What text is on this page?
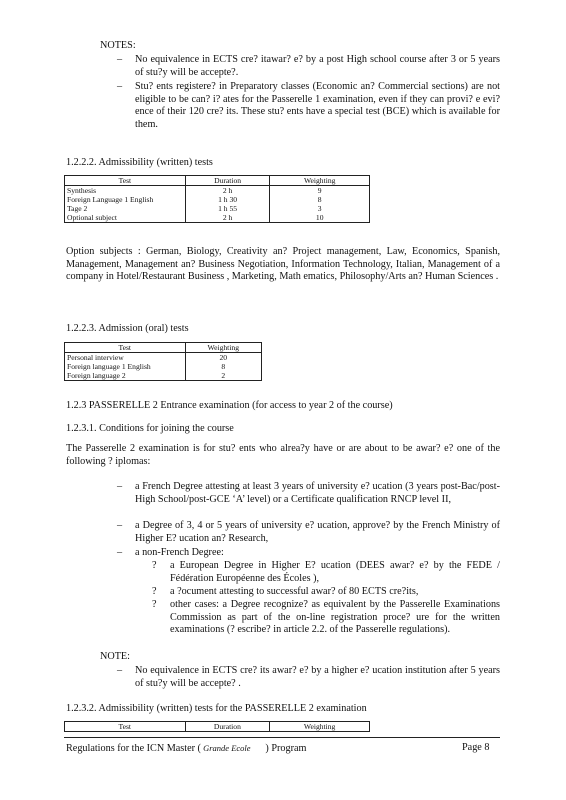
NOTES:
– No equivalence in ECTS cre? itawar? e? by a post High school course after 3 or 5 years of stu?y will be accepte?.
– Stu? ents registere? in Preparatory classes (Economic an? Commercial sections) are not eligible to be can? i? ates for the Passerelle 1 examination, even if they can provi? e evi? ence of their 120 cre? its. These stu? ents have a special test (BCE) which is available for them.
1.2.2.2. Admissibility (written) tests
Test	Duration	Weighting
Synthesis	2 h	9
Foreign Language 1 English	1 h 30	8
Tage 2	1 h 55	3
Optional subject	2 h	10
Option subjects : German, Biology, Creativity an? Project management, Law, Economics, Spanish, Management, Management an? Business Negotiation, Information Technology, Italian, Management of a company in Hotel/Restaurant Business , Marketing, Math ematics, Philosophy/Arts an? Human Sciences .
1.2.2.3. Admission (oral) tests
Test	Weighting
Personal interview	20
Foreign language 1 English	8
Foreign language 2	2
1.2.3 PASSERELLE 2 Entrance examination (for access to year 2 of the course)
1.2.3.1. Conditions for joining the course
The Passerelle 2 examination is for stu? ents who alrea?y have or are about to be awar? e? one of the following ? iplomas:
– a French Degree attesting at least 3 years of university e? ucation (3 years post-Bac/post-High School/post-GCE ‘A’ level) or a Certificate qualification RNCP level II,
– a Degree of 3, 4 or 5 years of university e? ucation, approve? by the French Ministry of Higher E? ucation an? Research,
– a non-French Degree:
? a European Degree in Higher E? ucation (DEES awar? e? by the FEDE / Fédération Européenne des Écoles ),
? a ?ocument attesting to successful awar? of 80 ECTS cre?its,
? other cases: a Degree recognize? as equivalent by the Passerelle Examinations Commission as part of the on-line registration proce? ure for the written examinations (? escribe? in article 2.2. of the Passerelle regulations).
NOTE:
– No equivalence in ECTS cre? its awar? e? by a higher e? ucation institution after 5 years of stu?y will be accepte? .
1.2.3.2. Admissibility (written) tests for the PASSERELLE 2 examination
Test	Duration	Weighting
Regulations for the ICN Master ( Grande Ecole      ) Program	Page 8
